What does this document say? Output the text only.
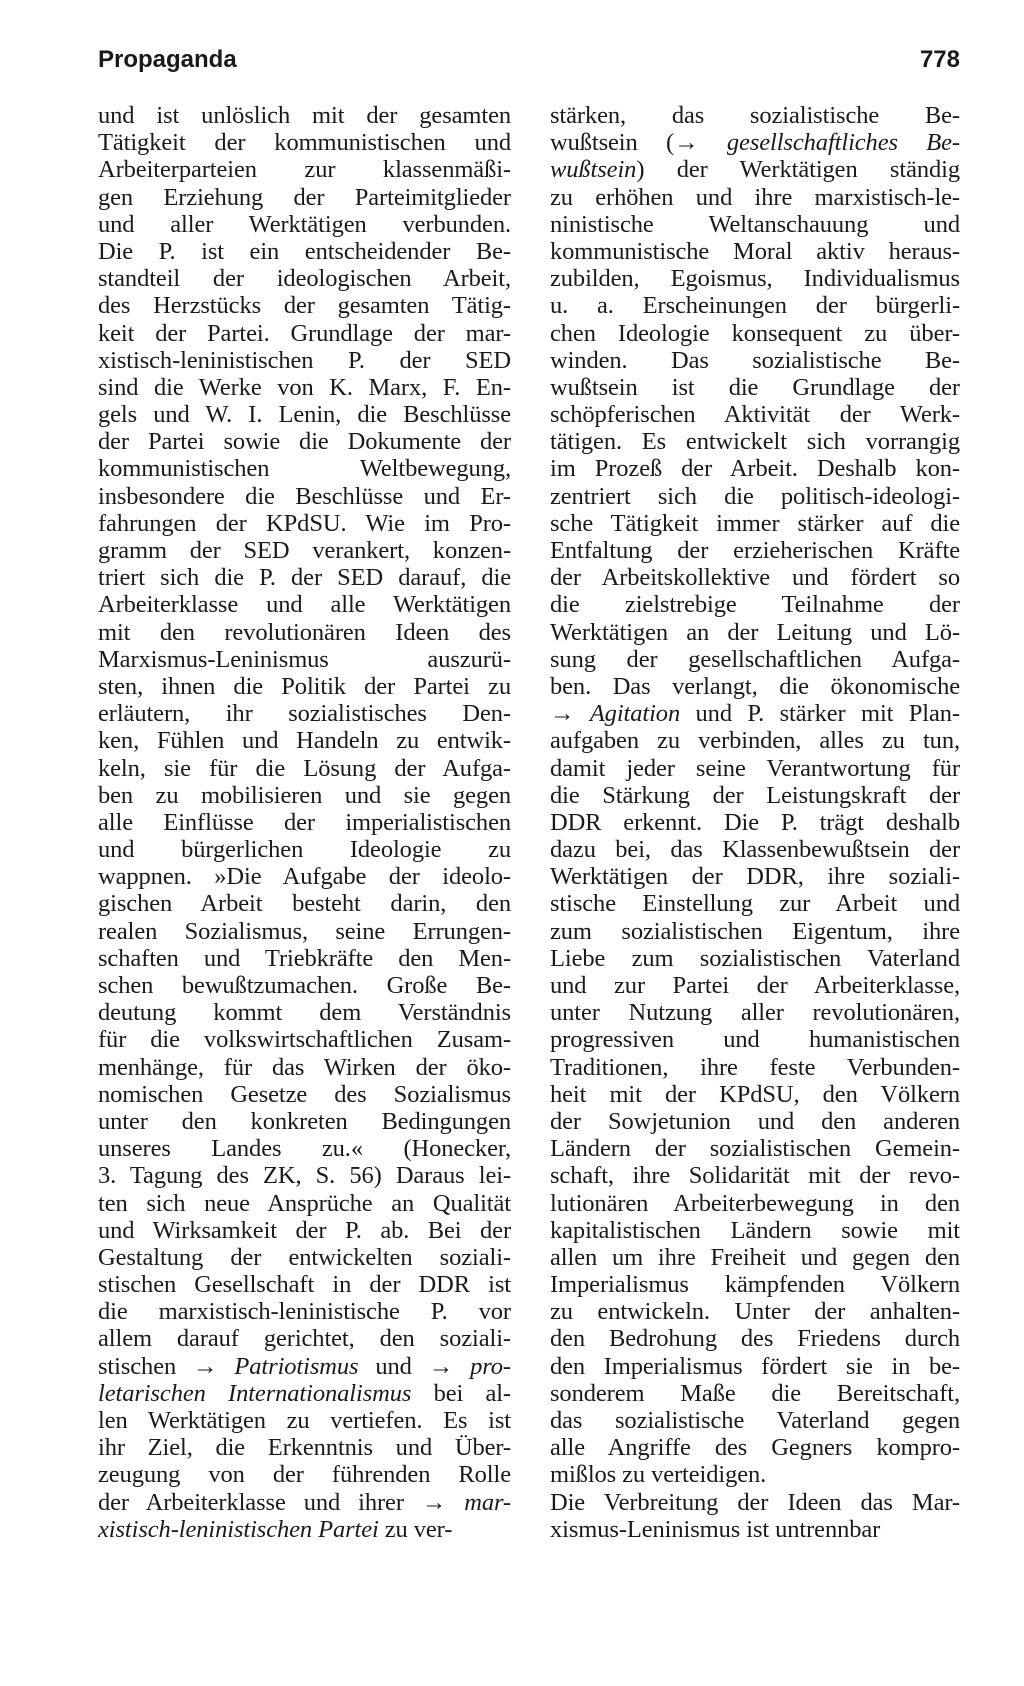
Propaganda	778
und ist unlöslich mit der gesamten
Tätigkeit der kommunistischen und
Arbeiterparteien zur klassenmäßi-
gen Erziehung der Parteimitglieder
und aller Werktätigen verbunden.
Die P. ist ein entscheidender Be-
standteil der ideologischen Arbeit,
des Herzstücks der gesamten Tätig-
keit der Partei. Grundlage der mar-
xistisch-leninistischen P. der SED
sind die Werke von K. Marx, F. En-
gels und W. I. Lenin, die Beschlüsse
der Partei sowie die Dokumente der
kommunistischen Weltbewegung,
insbesondere die Beschlüsse und Er-
fahrungen der KPdSU. Wie im Pro-
gramm der SED verankert, konzen-
triert sich die P. der SED darauf, die
Arbeiterklasse und alle Werktätigen
mit den revolutionären Ideen des
Marxismus-Leninismus auszurü-
sten, ihnen die Politik der Partei zu
erläutern, ihr sozialistisches Den-
ken, Fühlen und Handeln zu entwik-
keln, sie für die Lösung der Aufga-
ben zu mobilisieren und sie gegen
alle Einflüsse der imperialistischen
und bürgerlichen Ideologie zu
wappnen. »Die Aufgabe der ideolo-
gischen Arbeit besteht darin, den
realen Sozialismus, seine Errungen-
schaften und Triebkräfte den Men-
schen bewußtzumachen. Große Be-
deutung kommt dem Verständnis
für die volkswirtschaftlichen Zusam-
menhänge, für das Wirken der öko-
nomischen Gesetze des Sozialismus
unter den konkreten Bedingungen
unseres Landes zu.« (Honecker,
3. Tagung des ZK, S. 56) Daraus lei-
ten sich neue Ansprüche an Qualität
und Wirksamkeit der P. ab. Bei der
Gestaltung der entwickelten soziali-
stischen Gesellschaft in der DDR ist
die marxistisch-leninistische P. vor
allem darauf gerichtet, den soziali-
stischen → Patriotismus und → pro-
letarischen Internationalismus bei al-
len Werktätigen zu vertiefen. Es ist
ihr Ziel, die Erkenntnis und Über-
zeugung von der führenden Rolle
der Arbeiterklasse und ihrer → mar-
xistisch-leninistischen Partei zu ver-
stärken, das sozialistische Be-
wußtsein (→ gesellschaftliches Be-
wußtsein) der Werktätigen ständig
zu erhöhen und ihre marxistisch-le-
ninistische Weltanschauung und
kommunistische Moral aktiv heraus-
zubilden, Egoismus, Individualismus
u. a. Erscheinungen der bürgerli-
chen Ideologie konsequent zu über-
winden. Das sozialistische Be-
wußtsein ist die Grundlage der
schöpferischen Aktivität der Werk-
tätigen. Es entwickelt sich vorrangig
im Prozeß der Arbeit. Deshalb kon-
zentriert sich die politisch-ideologi-
sche Tätigkeit immer stärker auf die
Entfaltung der erzieherischen Kräfte
der Arbeitskollektive und fördert so
die zielstrebige Teilnahme der
Werktätigen an der Leitung und Lö-
sung der gesellschaftlichen Aufga-
ben. Das verlangt, die ökonomische
→ Agitation und P. stärker mit Plan-
aufgaben zu verbinden, alles zu tun,
damit jeder seine Verantwortung für
die Stärkung der Leistungskraft der
DDR erkennt. Die P. trägt deshalb
dazu bei, das Klassenbewußtsein der
Werktätigen der DDR, ihre soziali-
stische Einstellung zur Arbeit und
zum sozialistischen Eigentum, ihre
Liebe zum sozialistischen Vaterland
und zur Partei der Arbeiterklasse,
unter Nutzung aller revolutionären,
progressiven und humanistischen
Traditionen, ihre feste Verbunden-
heit mit der KPdSU, den Völkern
der Sowjetunion und den anderen
Ländern der sozialistischen Gemein-
schaft, ihre Solidarität mit der revo-
lutionären Arbeiterbewegung in den
kapitalistischen Ländern sowie mit
allen um ihre Freiheit und gegen den
Imperialismus kämpfenden Völkern
zu entwickeln. Unter der anhalten-
den Bedrohung des Friedens durch
den Imperialismus fördert sie in be-
sonderem Maße die Bereitschaft,
das sozialistische Vaterland gegen
alle Angriffe des Gegners kompro-
mißlos zu verteidigen.
Die Verbreitung der Ideen das Mar-
xismus-Leninismus ist untrennbar
